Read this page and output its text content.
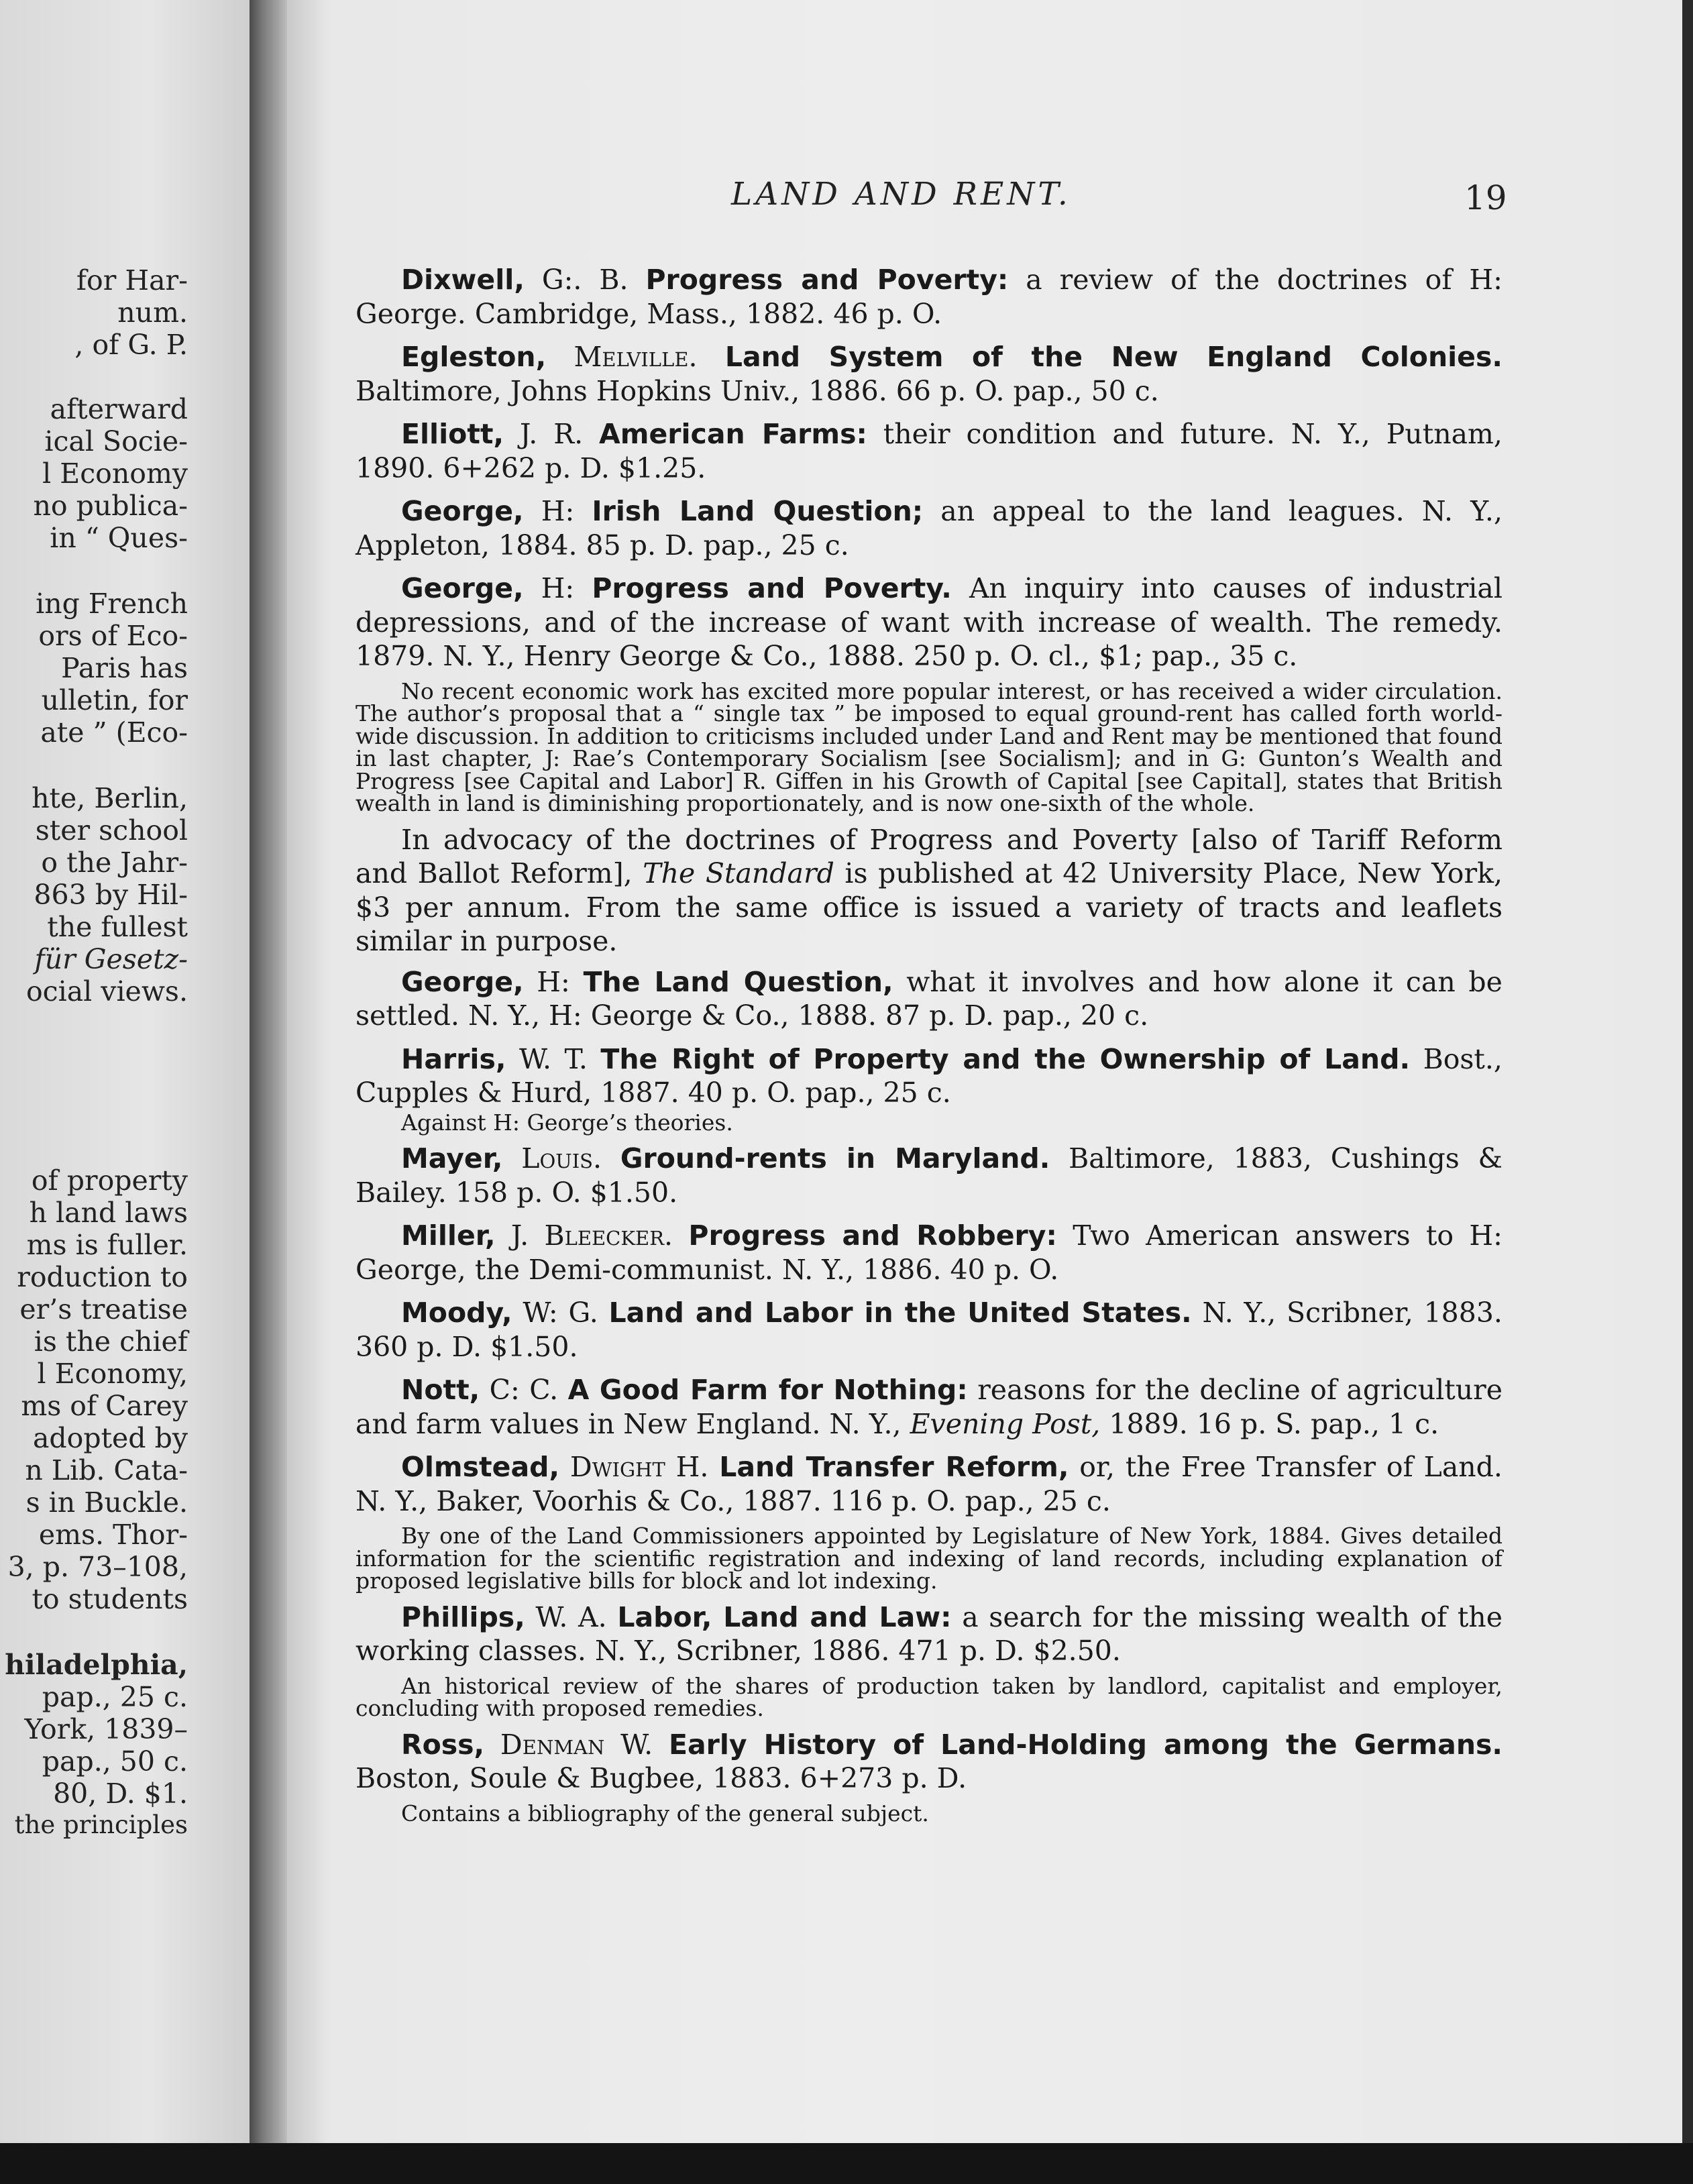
for Har-
num.
, of G. P.
afterward
ical Socie-
l Economy
no publica-
in “ Ques-
ing French
ors of Eco-
Paris has
ulletin, for
ate ” (Eco-
hte, Berlin,
ster school
o the Jahr-
863 by Hil-
the fullest
für Gesetz-
ocial views.
of property
h land laws
ms is fuller.
roduction to
er’s treatise
is the chief
l Economy,
ms of Carey
adopted by
n Lib. Cata-
s in Buckle.
ems. Thor-
3, p. 73–108,
to students
hiladelphia,
pap., 25 c.
York, 1839–
pap., 50 c.
80, D. $1.
the principles
LAND AND RENT.	19
Dixwell, G:. B. Progress and Poverty: a review of the doctrines of H: George. Cambridge, Mass., 1882. 46 p. O.
Egleston, Melville. Land System of the New England Colonies. Baltimore, Johns Hopkins Univ., 1886. 66 p. O. pap., 50 c.
Elliott, J. R. American Farms: their condition and future. N. Y., Putnam, 1890. 6+262 p. D. $1.25.
George, H: Irish Land Question; an appeal to the land leagues. N. Y., Appleton, 1884. 85 p. D. pap., 25 c.
George, H: Progress and Poverty. An inquiry into causes of industrial depressions, and of the increase of want with increase of wealth. The remedy. 1879. N. Y., Henry George & Co., 1888. 250 p. O. cl., $1; pap., 35 c.
No recent economic work has excited more popular interest, or has received a wider circulation. The author’s proposal that a “ single tax ” be imposed to equal ground-rent has called forth world-wide discussion. In addition to criticisms included under Land and Rent may be mentioned that found in last chapter, J: Rae’s Contemporary Socialism [see Socialism]; and in G: Gunton’s Wealth and Progress [see Capital and Labor] R. Giffen in his Growth of Capital [see Capital], states that British wealth in land is diminishing proportionately, and is now one-sixth of the whole.
In advocacy of the doctrines of Progress and Poverty [also of Tariff Reform and Ballot Reform], The Standard is published at 42 University Place, New York, $3 per annum. From the same office is issued a variety of tracts and leaflets similar in purpose.
George, H: The Land Question, what it involves and how alone it can be settled. N. Y., H: George & Co., 1888. 87 p. D. pap., 20 c.
Harris, W. T. The Right of Property and the Ownership of Land. Bost., Cupples & Hurd, 1887. 40 p. O. pap., 25 c.
Against H: George’s theories.
Mayer, Louis. Ground-rents in Maryland. Baltimore, 1883, Cushings & Bailey. 158 p. O. $1.50.
Miller, J. Bleecker. Progress and Robbery: Two American answers to H: George, the Demi-communist. N. Y., 1886. 40 p. O.
Moody, W: G. Land and Labor in the United States. N. Y., Scribner, 1883. 360 p. D. $1.50.
Nott, C: C. A Good Farm for Nothing: reasons for the decline of agriculture and farm values in New England. N. Y., Evening Post, 1889. 16 p. S. pap., 1 c.
Olmstead, Dwight H. Land Transfer Reform, or, the Free Transfer of Land. N. Y., Baker, Voorhis & Co., 1887. 116 p. O. pap., 25 c.
By one of the Land Commissioners appointed by Legislature of New York, 1884. Gives detailed information for the scientific registration and indexing of land records, including explanation of proposed legislative bills for block and lot indexing.
Phillips, W. A. Labor, Land and Law: a search for the missing wealth of the working classes. N. Y., Scribner, 1886. 471 p. D. $2.50.
An historical review of the shares of production taken by landlord, capitalist and employer, concluding with proposed remedies.
Ross, Denman W. Early History of Land-Holding among the Germans. Boston, Soule & Bugbee, 1883. 6+273 p. D.
Contains a bibliography of the general subject.
